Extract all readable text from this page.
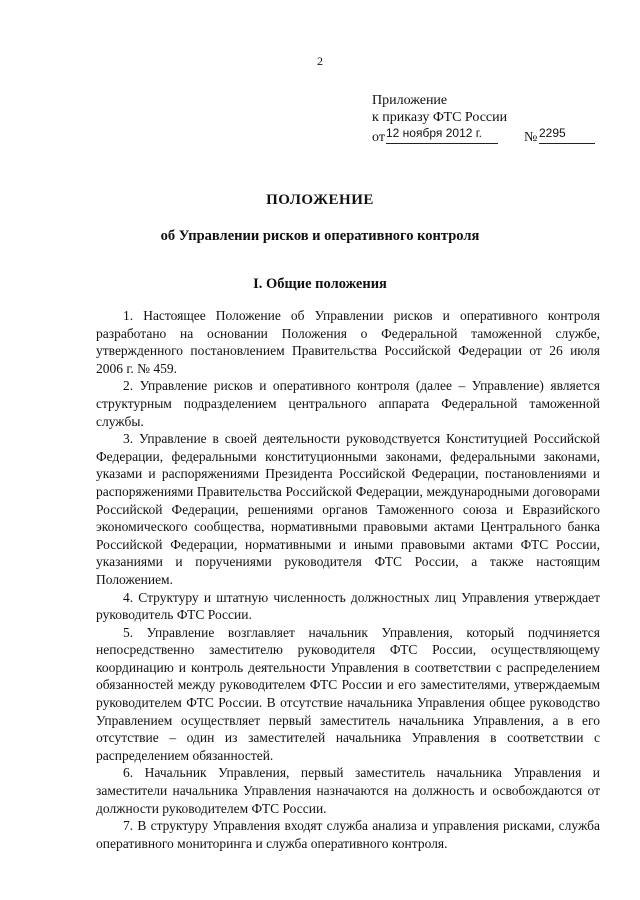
2
Приложение
к приказу ФТС России
от 12 ноября 2012 г.	№ 2295
ПОЛОЖЕНИЕ
об Управлении рисков и оперативного контроля
I. Общие положения

1. Настоящее Положение об Управлении рисков и оперативного контроля разработано на основании Положения о Федеральной таможенной службе, утвержденного постановлением Правительства Российской Федерации от 26 июля 2006 г. № 459.

2. Управление рисков и оперативного контроля (далее – Управление) является структурным подразделением центрального аппарата Федеральной таможенной службы.

3. Управление в своей деятельности руководствуется Конституцией Российской Федерации, федеральными конституционными законами, федеральными законами, указами и распоряжениями Президента Российской Федерации, постановлениями и распоряжениями Правительства Российской Федерации, международными договорами Российской Федерации, решениями органов Таможенного союза и Евразийского экономического сообщества, нормативными правовыми актами Центрального банка Российской Федерации, нормативными и иными правовыми актами ФТС России, указаниями и поручениями руководителя ФТС России, а также настоящим Положением.

4. Структуру и штатную численность должностных лиц Управления утверждает руководитель ФТС России.

5. Управление возглавляет начальник Управления, который подчиняется непосредственно заместителю руководителя ФТС России, осуществляющему координацию и контроль деятельности Управления в соответствии с распределением обязанностей между руководителем ФТС России и его заместителями, утверждаемым руководителем ФТС России. В отсутствие начальника Управления общее руководство Управлением осуществляет первый заместитель начальника Управления, а в его отсутствие – один из заместителей начальника Управления в соответствии с распределением обязанностей.

6. Начальник Управления, первый заместитель начальника Управления и заместители начальника Управления назначаются на должность и освобождаются от должности руководителем ФТС России.

7. В структуру Управления входят служба анализа и управления рисками, служба оперативного мониторинга и служба оперативного контроля.
